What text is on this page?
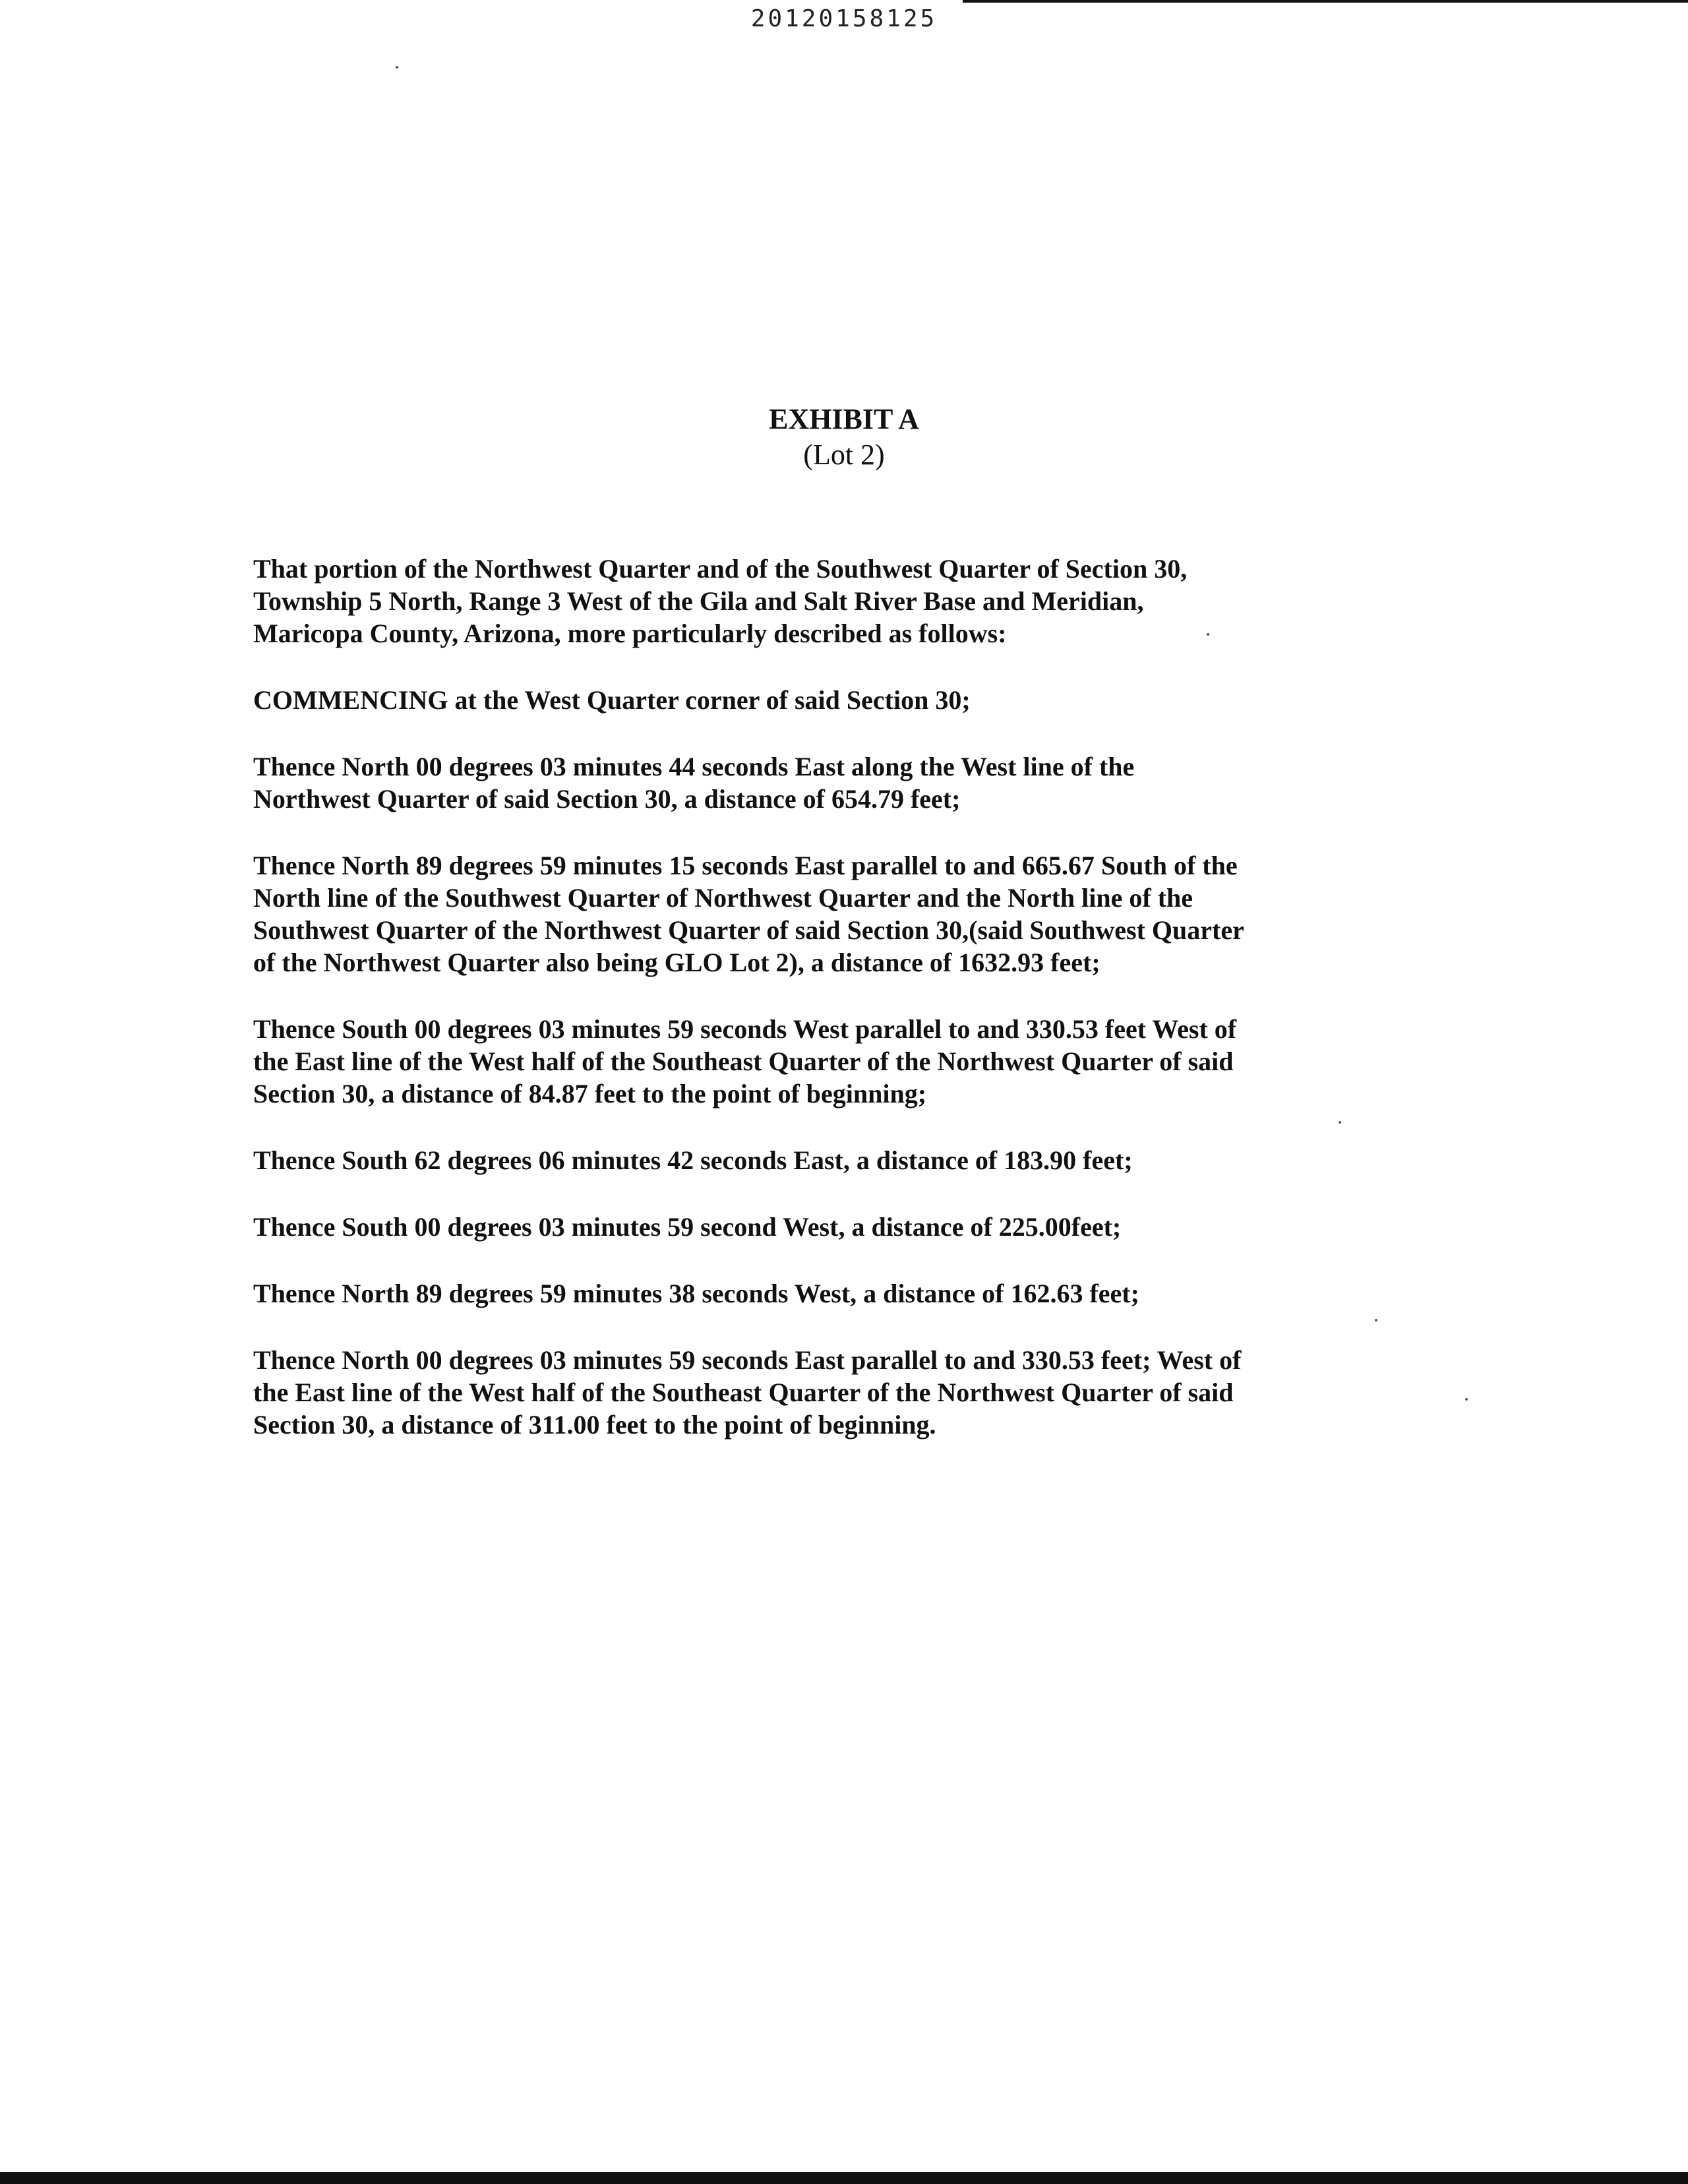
20120158125
EXHIBIT A
(Lot 2)

That portion of the Northwest Quarter and of the Southwest Quarter of Section 30,
Township 5 North, Range 3 West of the Gila and Salt River Base and Meridian,
Maricopa County, Arizona, more particularly described as follows:

COMMENCING at the West Quarter corner of said Section 30;

Thence North 00 degrees 03 minutes 44 seconds East along the West line of the
Northwest Quarter of said Section 30, a distance of 654.79 feet;

Thence North 89 degrees 59 minutes 15 seconds East parallel to and 665.67 South of the
North line of the Southwest Quarter of Northwest Quarter and the North line of the
Southwest Quarter of the Northwest Quarter of said Section 30,(said Southwest Quarter
of the Northwest Quarter also being GLO Lot 2), a distance of 1632.93 feet;

Thence South 00 degrees 03 minutes 59 seconds West parallel to and 330.53 feet West of
the East line of the West half of the Southeast Quarter of the Northwest Quarter of said
Section 30, a distance of 84.87 feet to the point of beginning;

Thence South 62 degrees 06 minutes 42 seconds East, a distance of 183.90 feet;

Thence South 00 degrees 03 minutes 59 second West, a distance of 225.00feet;

Thence North 89 degrees 59 minutes 38 seconds West, a distance of 162.63 feet;

Thence North 00 degrees 03 minutes 59 seconds East parallel to and 330.53 feet; West of
the East line of the West half of the Southeast Quarter of the Northwest Quarter of said
Section 30, a distance of 311.00 feet to the point of beginning.
